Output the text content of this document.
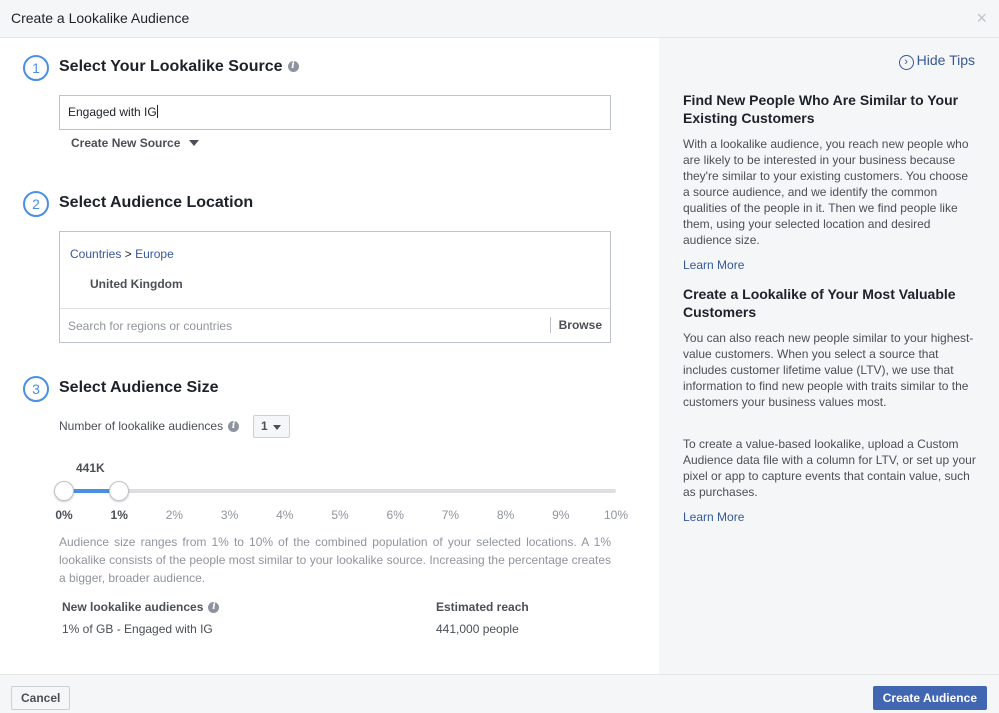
Create a Lookalike Audience	×
1	Select Your Lookalike Source i
Engaged with IG
Create New Source
2	Select Audience Location
Countries > Europe
United Kingdom
Search for regions or countries	Browse
3	Select Audience Size
Number of lookalike audiences i	1
441K
0%	1%	2%	3%	4%	5%	6%	7%	8%	9%	10%
Audience size ranges from 1% to 10% of the combined population of your selected locations. A 1% lookalike consists of the people most similar to your lookalike source. Increasing the percentage creates a bigger, broader audience.
New lookalike audiences i	Estimated reach
1% of GB - Engaged with IG	441,000 people
› Hide Tips
Find New People Who Are Similar to Your Existing Customers
With a lookalike audience, you reach new people who are likely to be interested in your business because they're similar to your existing customers. You choose a source audience, and we identify the common qualities of the people in it. Then we find people like them, using your selected location and desired audience size.
Learn More
Create a Lookalike of Your Most Valuable Customers
You can also reach new people similar to your highest-value customers. When you select a source that includes customer lifetime value (LTV), we use that information to find new people with traits similar to the customers your business values most.
To create a value-based lookalike, upload a Custom Audience data file with a column for LTV, or set up your pixel or app to capture events that contain value, such as purchases.
Learn More
Cancel	Create Audience
